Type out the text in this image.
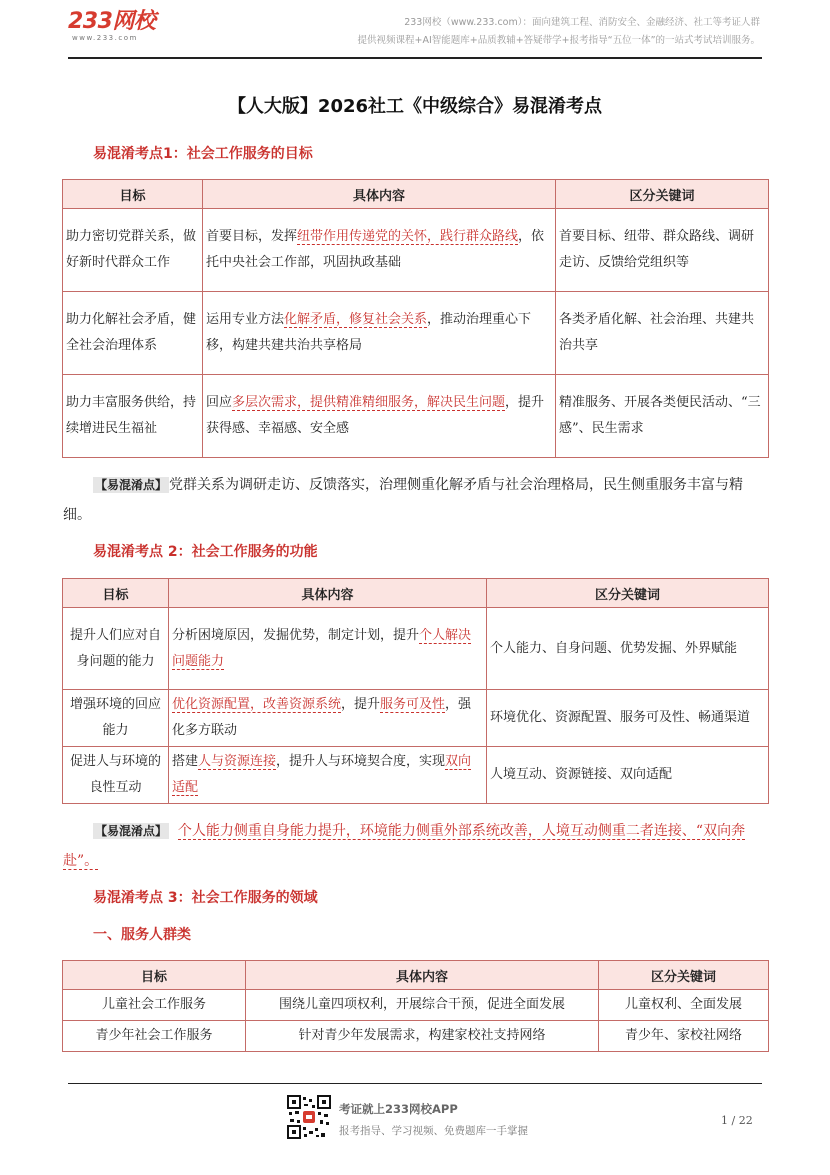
233网校
www.233.com
233网校（www.233.com）：面向建筑工程、消防安全、金融经济、社工等考证人群
提供视频课程+AI智能题库+品质教辅+答疑带学+报考指导“五位一体”的一站式考试培训服务。
【人大版】2026社工《中级综合》易混淆考点
易混淆考点1：社会工作服务的目标
目标	具体内容	区分关键词
助力密切党群关系，做好新时代群众工作	首要目标，发挥纽带作用传递党的关怀，践行群众路线，依托中央社会工作部，巩固执政基础	首要目标、纽带、群众路线、调研走访、反馈给党组织等
助力化解社会矛盾，健全社会治理体系	运用专业方法化解矛盾，修复社会关系，推动治理重心下移，构建共建共治共享格局	各类矛盾化解、社会治理、共建共治共享
助力丰富服务供给，持续增进民生福祉	回应多层次需求，提供精准精细服务，解决民生问题，提升获得感、幸福感、安全感	精准服务、开展各类便民活动、“三感”、民生需求
【易混淆点】 党群关系为调研走访、反馈落实，治理侧重化解矛盾与社会治理格局，民生侧重服务丰富与精细。
易混淆考点 2：社会工作服务的功能
目标	具体内容	区分关键词
提升人们应对自身问题的能力	分析困境原因，发掘优势，制定计划，提升个人解决问题能力	个人能力、自身问题、优势发掘、外界赋能
增强环境的回应能力	优化资源配置，改善资源系统，提升服务可及性，强化多方联动	环境优化、资源配置、服务可及性、畅通渠道
促进人与环境的良性互动	搭建人与资源连接，提升人与环境契合度，实现双向适配	人境互动、资源链接、双向适配
【易混淆点】 个人能力侧重自身能力提升，环境能力侧重外部系统改善，人境互动侧重二者连接、“双向奔赴”。
易混淆考点 3：社会工作服务的领域
一、服务人群类
目标	具体内容	区分关键词
儿童社会工作服务	围绕儿童四项权利，开展综合干预，促进全面发展	儿童权利、全面发展
青少年社会工作服务	针对青少年发展需求，构建家校社支持网络	青少年、家校社网络
考证就上233网校APP
报考指导、学习视频、免费题库一手掌握
1 / 22
